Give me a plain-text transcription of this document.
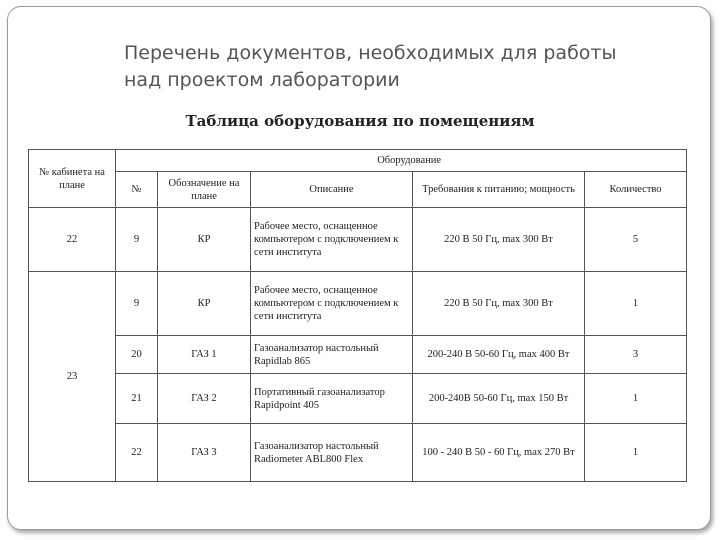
Перечень документов, необходимых для работы
над проектом лаборатории
Таблица оборудования по помещениям
№ кабинета на плане	Оборудование				
	№	Обозначение на плане	Описание	Требования к питанию; мощность	Количество
22	9	КР	Рабочее место, оснащенное компьютером с подключением к сети института	220 В 50 Гц, max 300 Вт	5
23	9	КР	Рабочее место, оснащенное компьютером с подключением к сети института	220 В 50 Гц, max 300 Вт	1
	20	ГАЗ 1	Газоанализатор настольный Rapidlab 865	200-240 В 50-60 Гц, max 400 Вт	3
	21	ГАЗ 2	Портативный газоанализатор Rapidpoint 405	200-240В 50-60 Гц, max 150 Вт	1
	22	ГАЗ 3	Газоанализатор настольный Radiometer ABL800 Flex	100 - 240 В 50 - 60 Гц, max 270 Вт	1
